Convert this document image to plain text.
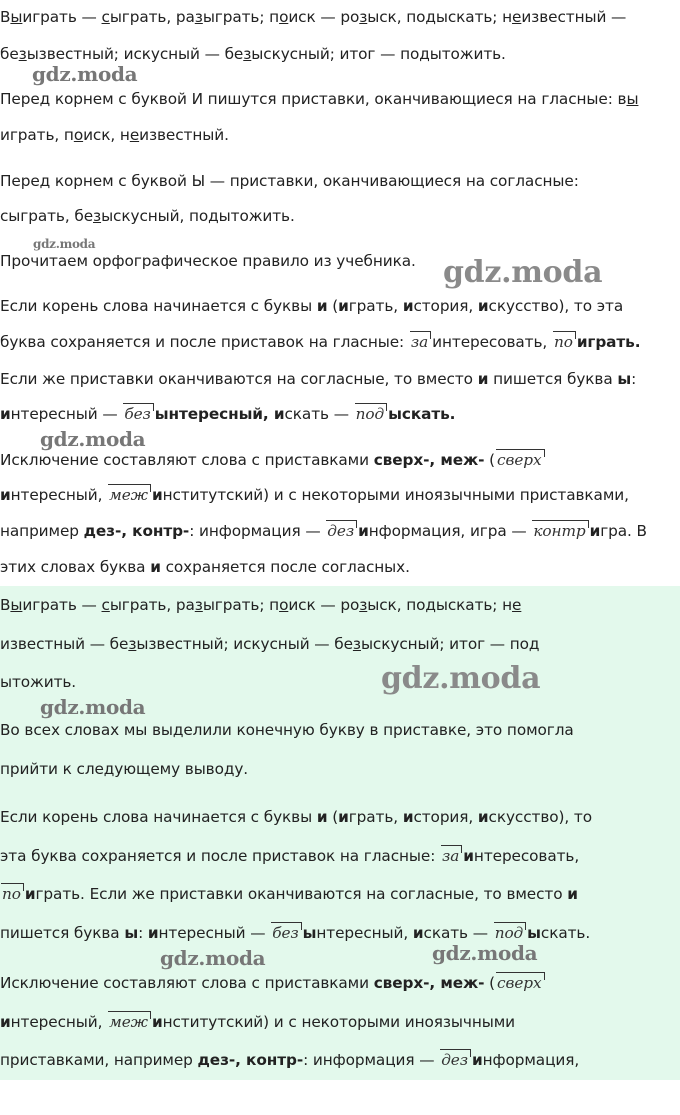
Выиграть — сыграть, разыграть; поиск — розыск, подыскать; неизвестный —
безызвестный; искусный — безыскусный; итог — подытожить.
Перед корнем с буквой И пишутся приставки, оканчивающиеся на гласные: вы
играть, поиск, неизвестный.
Перед корнем с буквой Ы — приставки, оканчивающиеся на согласные:
сыграть, безыскусный, подытожить.
Прочитаем орфографическое правило из учебника.
Если корень слова начинается с буквы и (играть, история, искусство), то эта
буква сохраняется и после приставок на гласные: за интересовать, по играть.
Если же приставки оканчиваются на согласные, то вместо и пишется буква ы:
интересный — без ынтересный, искать — под ыскать.
Исключение составляют слова с приставками сверх-, меж- ( сверх
интересный, меж институтский) и с некоторыми иноязычными приставками,
например дез-, контр-: информация — дез информация, игра — контр игра. В
этих словах буква и сохраняется после согласных.
Выиграть — сыграть, разыграть; поиск — розыск, подыскать; не
известный — безызвестный; искусный — безыскусный; итог — под
ытожить.
Во всех словах мы выделили конечную букву в приставке, это помогла
прийти к следующему выводу.
Если корень слова начинается с буквы и (играть, история, искусство), то
эта буква сохраняется и после приставок на гласные: за интересовать,
по играть. Если же приставки оканчиваются на согласные, то вместо и
пишется буква ы: интересный — без ынтересный, искать — под ыскать.
Исключение составляют слова с приставками сверх-, меж- ( сверх
интересный, меж институтский) и с некоторыми иноязычными
приставками, например дез-, контр-: информация — дез информация,
gdz.moda
gdz.moda
gdz.moda
gdz.moda
gdz.moda
gdz.moda
gdz.moda	gdz.moda
